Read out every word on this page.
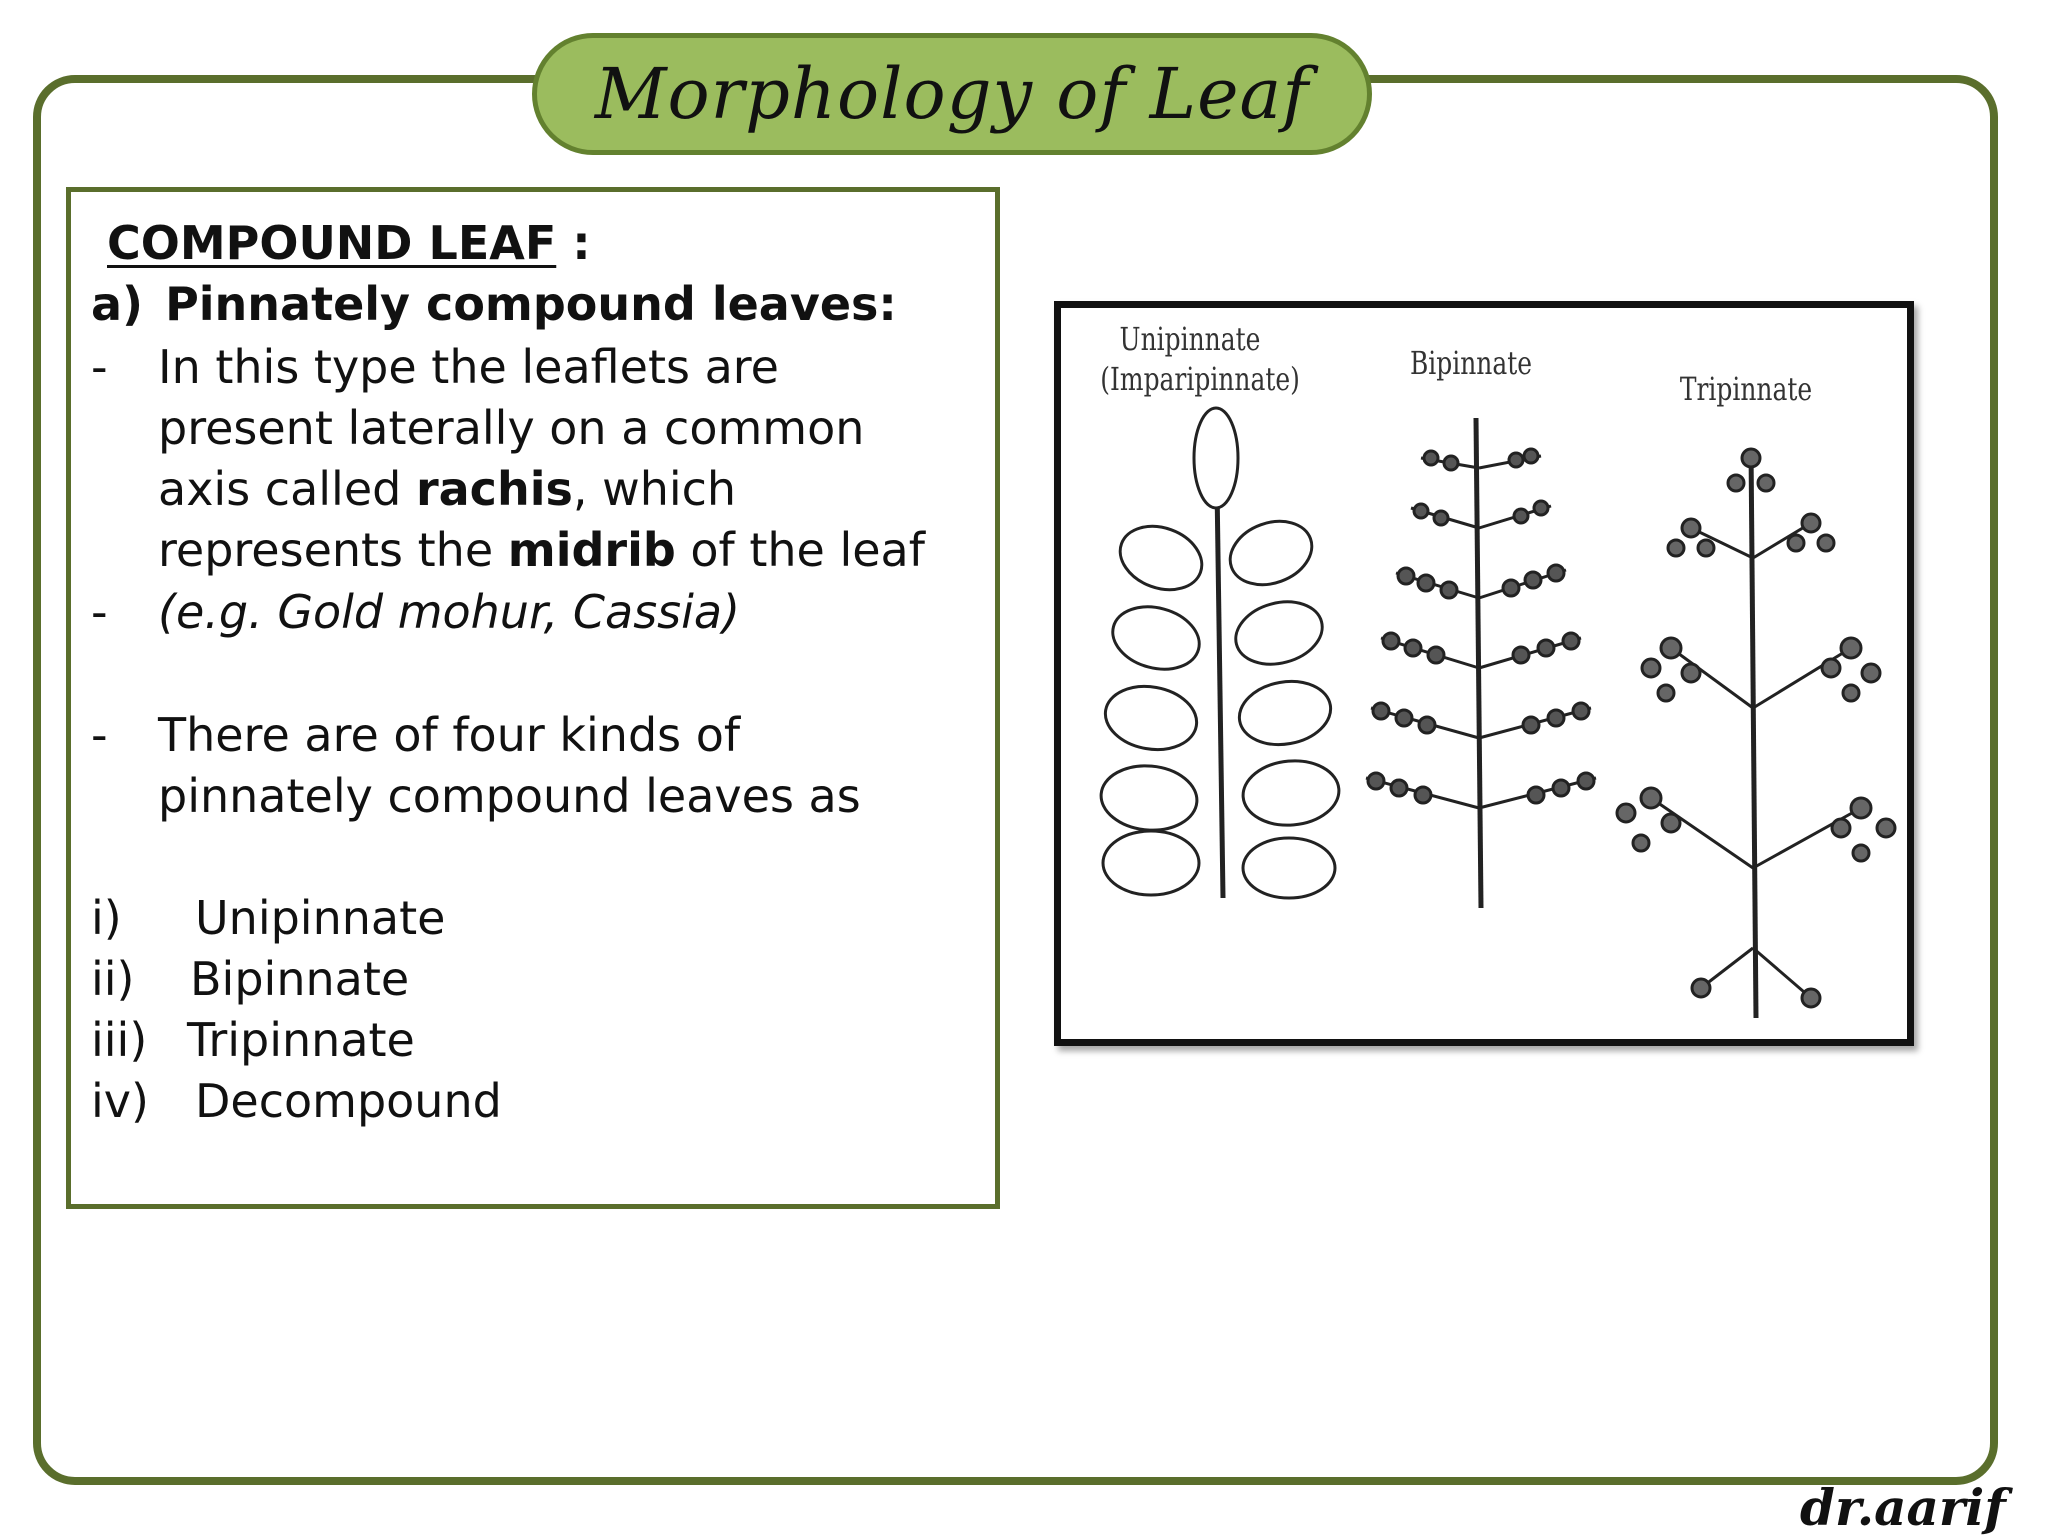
Morphology of Leaf
COMPOUND LEAF :
a) Pinnately compound leaves:
- In this type the leaflets are
present laterally on a common
axis called rachis, which
represents the midrib of the leaf
- (e.g. Gold mohur, Cassia)
- There are of four kinds of
pinnately compound leaves as
i) Unipinnate
ii) Bipinnate
iii) Tripinnate
iv) Decompound
Unipinnate
(Imparipinnate)	Bipinnate
Tripinnate
dr.aarif
